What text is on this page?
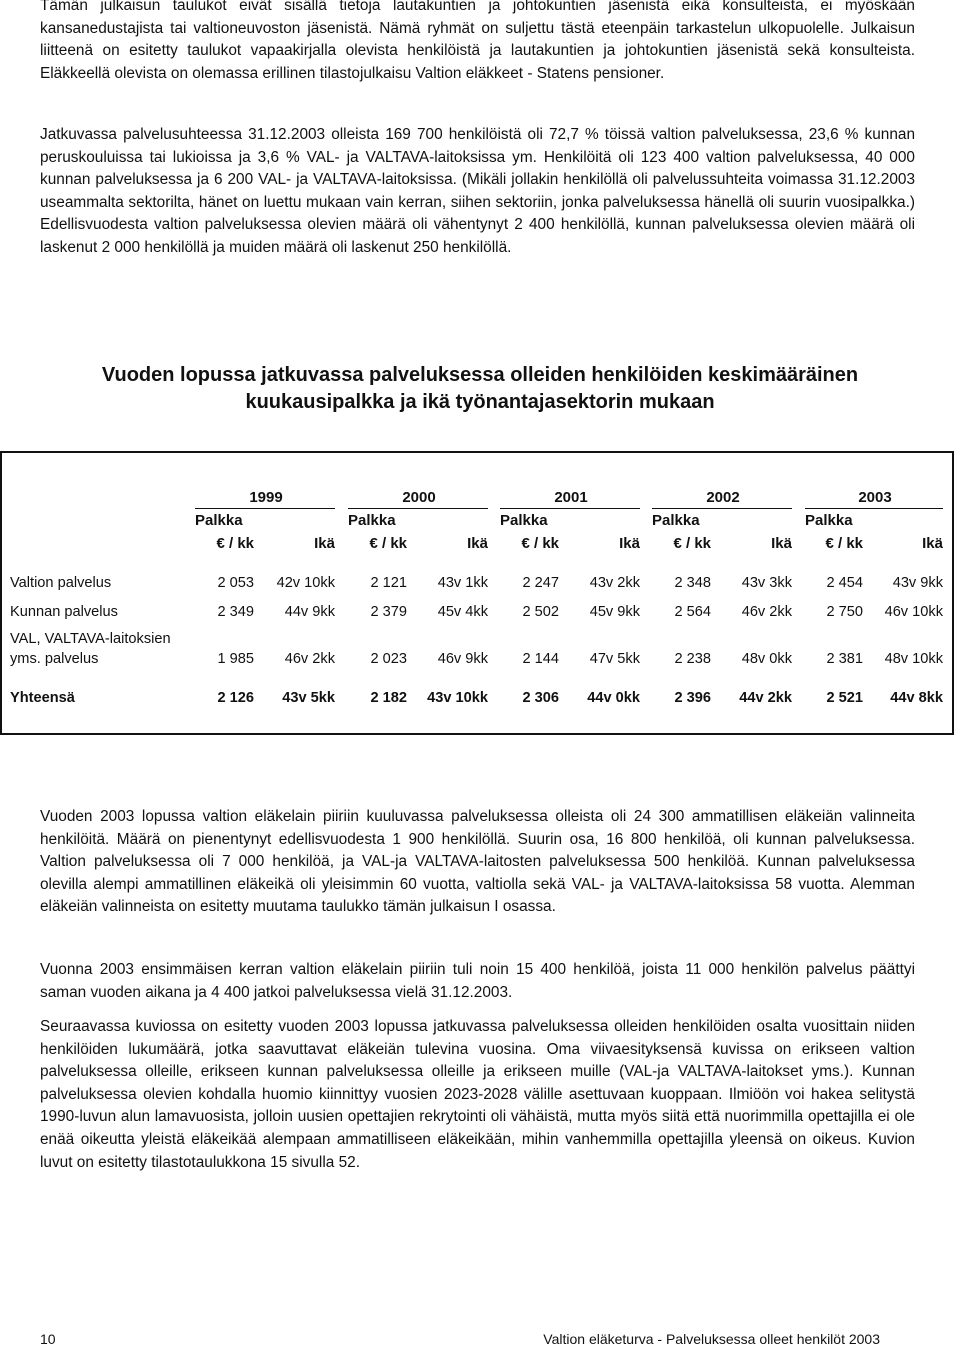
Tämän julkaisun taulukot eivät sisällä tietoja lautakuntien ja johtokuntien jäsenistä eikä konsulteista, ei myöskään kansanedustajista tai valtioneuvoston jäsenistä. Nämä ryhmät on suljettu tästä eteenpäin tarkastelun ulkopuolelle. Julkaisun liitteenä on esitetty taulukot vapaakirjalla olevista henkilöistä ja lautakuntien ja johtokuntien jäsenistä sekä konsulteista. Eläkkeellä olevista on olemassa erillinen tilastojulkaisu Valtion eläkkeet - Statens pensioner.

Jatkuvassa palvelusuhteessa 31.12.2003 olleista 169 700 henkilöistä oli 72,7 % töissä valtion palveluksessa, 23,6 % kunnan peruskouluissa tai lukioissa ja 3,6 % VAL- ja VALTAVA-laitoksissa ym. Henkilöitä oli 123 400 valtion palveluksessa, 40 000 kunnan palveluksessa ja 6 200 VAL- ja VALTAVA-laitoksissa. (Mikäli jollakin henkilöllä oli palvelussuhteita voimassa 31.12.2003 useammalta sektorilta, hänet on luettu mukaan vain kerran, siihen sektoriin, jonka palveluksessa hänellä oli suurin vuosipalkka.) Edellisvuodesta valtion palveluksessa olevien määrä oli vähentynyt 2 400 henkilöllä, kunnan palveluksessa olevien määrä oli laskenut 2 000 henkilöllä ja muiden määrä oli laskenut 250 henkilöllä.

Vuoden lopussa jatkuvassa palveluksessa olleiden henkilöiden keskimääräinen
kuukausipalkka ja ikä työnantajasektorin mukaan
1999
Palkka
€ / kk	Ikä
2000
Palkka
€ / kk	Ikä
2001
Palkka
€ / kk	Ikä
2002
Palkka
€ / kk	Ikä
2003
Palkka
€ / kk	Ikä
Valtion palvelus	2 053	42v 10kk	2 121	43v 1kk	2 247	43v 2kk	2 348	43v 3kk	2 454	43v 9kk
Kunnan palvelus	2 349	44v 9kk	2 379	45v 4kk	2 502	45v 9kk	2 564	46v 2kk	2 750	46v 10kk
VAL, VALTAVA-laitoksien
yms. palvelus	1 985	46v 2kk	2 023	46v 9kk	2 144	47v 5kk	2 238	48v 0kk	2 381	48v 10kk
Yhteensä	2 126	43v 5kk	2 182	43v 10kk	2 306	44v 0kk	2 396	44v 2kk	2 521	44v 8kk

Vuoden 2003 lopussa valtion eläkelain piiriin kuuluvassa palveluksessa olleista oli 24 300 ammatillisen eläkeiän valinneita henkilöitä. Määrä on pienentynyt edellisvuodesta 1 900 henkilöllä. Suurin osa, 16 800 henkilöä, oli kunnan palveluksessa. Valtion palveluksessa oli 7 000 henkilöä, ja VAL-ja VALTAVA-laitosten palveluksessa 500 henkilöä. Kunnan palveluksessa olevilla alempi ammatillinen eläkeikä oli yleisimmin 60 vuotta, valtiolla sekä VAL- ja VALTAVA-laitoksissa 58 vuotta. Alemman eläkeiän valinneista on esitetty muutama taulukko tämän julkaisun I osassa.

Vuonna 2003 ensimmäisen kerran valtion eläkelain piiriin tuli noin 15 400 henkilöä, joista 11 000 henkilön palvelus päättyi saman vuoden aikana ja 4 400 jatkoi palveluksessa vielä 31.12.2003.

Seuraavassa kuviossa on esitetty vuoden 2003 lopussa jatkuvassa palveluksessa olleiden henkilöiden osalta vuosittain niiden henkilöiden lukumäärä, jotka saavuttavat eläkeiän tulevina vuosina. Oma viivaesityksensä kuvissa on erikseen valtion palveluksessa olleille, erikseen kunnan palveluksessa olleille ja erikseen muille (VAL-ja VALTAVA-laitokset yms.). Kunnan palveluksessa olevien kohdalla huomio kiinnittyy vuosien 2023-2028 välille asettuvaan kuoppaan. Ilmiöön voi hakea selitystä 1990-luvun alun lamavuosista, jolloin uusien opettajien rekrytointi oli vähäistä, mutta myös siitä että nuorimmilla opettajilla ei ole enää oikeutta yleistä eläkeikää alempaan ammatilliseen eläkeikään, mihin vanhemmilla opettajilla yleensä on oikeus. Kuvion luvut on esitetty tilastotaulukkona 15 sivulla 52.

10	Valtion eläketurva - Palveluksessa olleet henkilöt 2003
